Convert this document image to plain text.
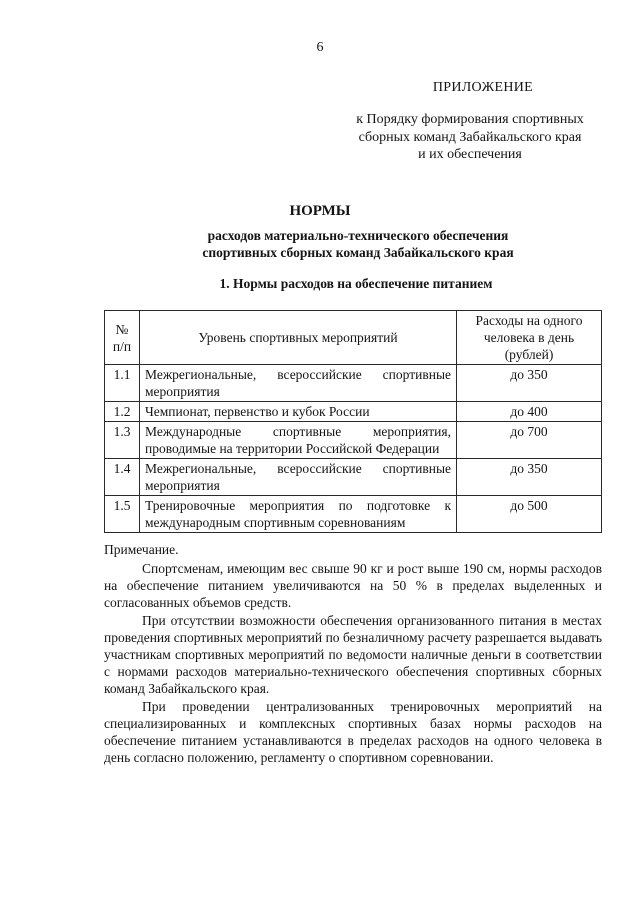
6
ПРИЛОЖЕНИЕ
к Порядку формирования спортивных
сборных команд Забайкальского края
и их обеспечения
НОРМЫ
расходов материально-технического обеспечения
спортивных сборных команд Забайкальского края
1. Нормы расходов на обеспечение питанием
№ п/п	Уровень спортивных мероприятий	Расходы на одного человека в день (рублей)
1.1	Межрегиональные, всероссийские спортивные мероприятия	до 350
1.2	Чемпионат, первенство и кубок России	до 400
1.3	Международные спортивные мероприятия, проводимые на территории Российской Федерации	до 700
1.4	Межрегиональные, всероссийские спортивные мероприятия	до 350
1.5	Тренировочные мероприятия по подготовке к международным спортивным соревнованиям	до 500
Примечание.

Спортсменам, имеющим вес свыше 90 кг и рост выше 190 см, нормы расходов на обеспечение питанием увеличиваются на 50 % в пределах выделенных и согласованных объемов средств.

При отсутствии возможности обеспечения организованного питания в местах проведения спортивных мероприятий по безналичному расчету разрешается выдавать участникам спортивных мероприятий по ведомости наличные деньги в соответствии с нормами расходов материально-технического обеспечения спортивных сборных команд Забайкальского края.

При проведении централизованных тренировочных мероприятий на специализированных и комплексных спортивных базах нормы расходов на обеспечение питанием устанавливаются в пределах расходов на одного человека в день согласно положению, регламенту о спортивном соревновании.
